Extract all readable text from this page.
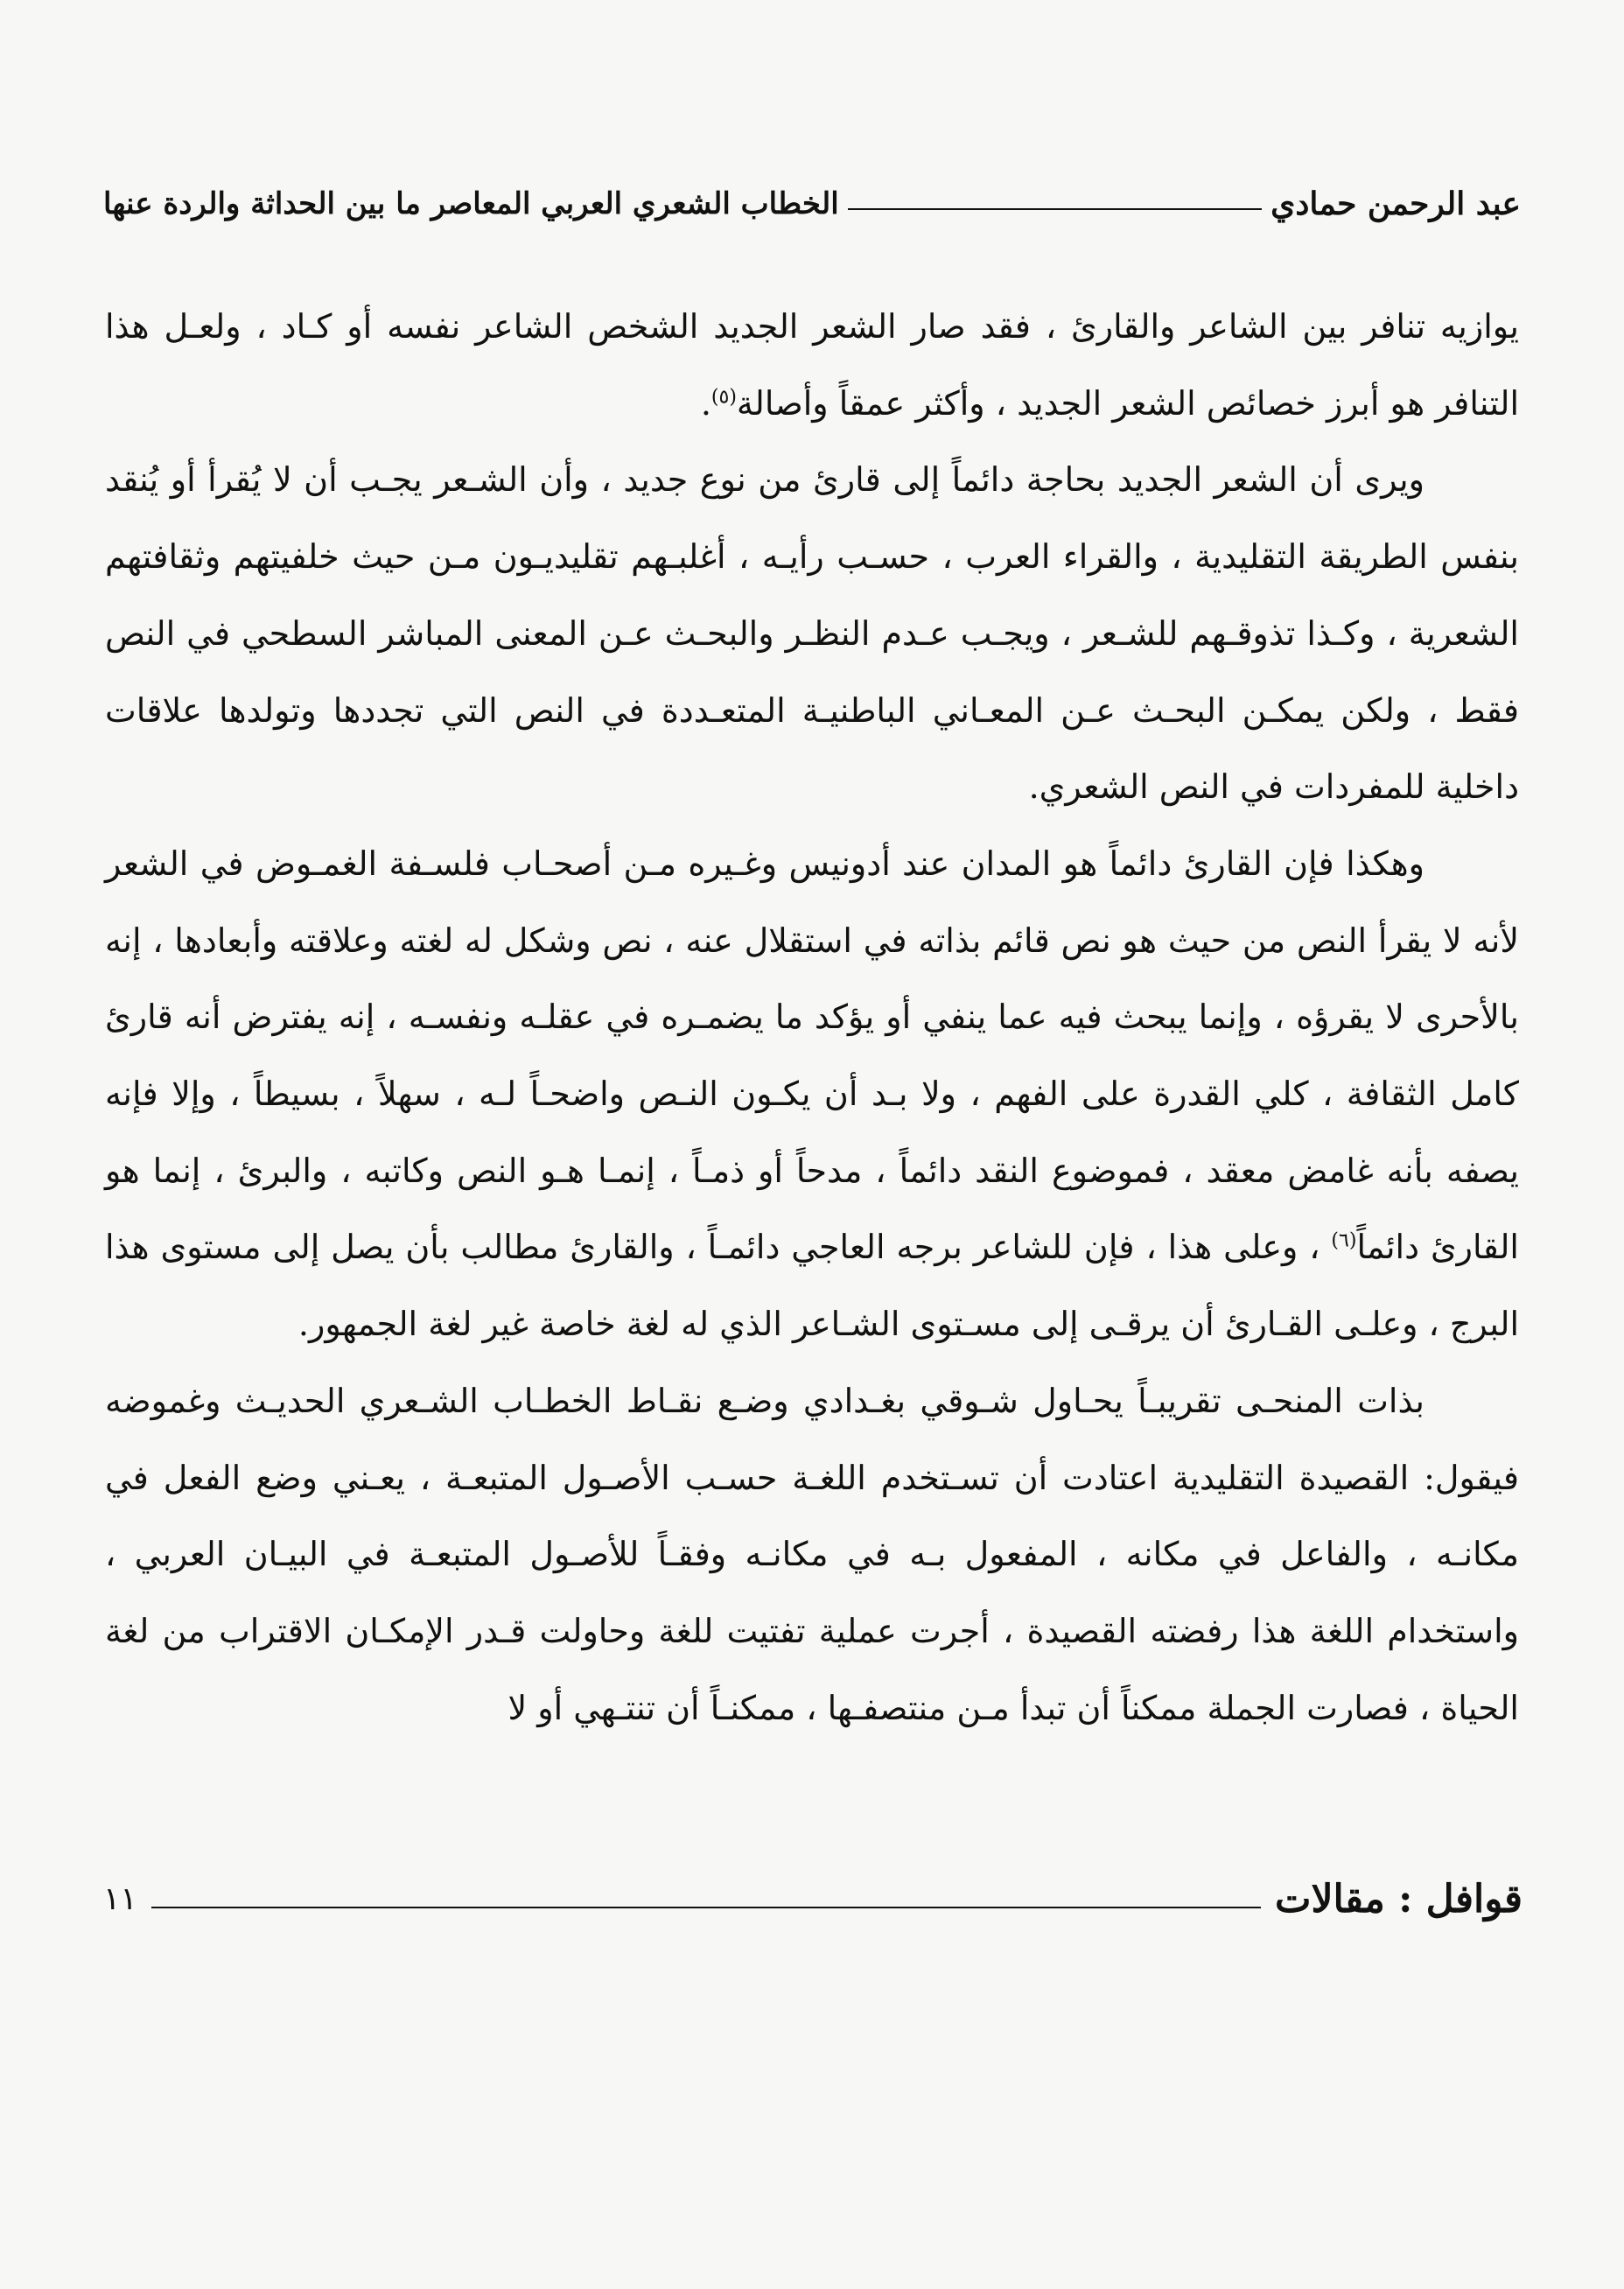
الخطاب الشعري العربي المعاصر ما بين الحداثة والردة عنها	عبد الرحمن حمادي

يوازيه تنافر بين الشاعر والقارئ ، فقد صار الشعر الجديد الشخص الشاعر نفسه أو كـاد ، ولعـل هذا التنافر هو أبرز خصائص الشعر الجديد ، وأكثر عمقاً وأصالة$^{(٥)}$.

ويرى أن الشعر الجديد بحاجة دائماً إلى قارئ من نوع جديد ، وأن الشـعر يجـب أن لا يُقرأ أو يُنقد بنفس الطريقة التقليدية ، والقراء العرب ، حسـب رأيـه ، أغلبـهم تقليديـون مـن حيث خلفيتهم وثقافتهم الشعرية ، وكـذا تذوقـهم للشـعر ، ويجـب عـدم النظـر والبحـث عـن المعنى المباشر السطحي في النص فقط ، ولكن يمكـن البحـث عـن المعـاني الباطنيـة المتعـددة في النص التي تجددها وتولدها علاقات داخلية للمفردات في النص الشعري.

وهكذا فإن القارئ دائماً هو المدان عند أدونيس وغـيره مـن أصحـاب فلسـفة الغمـوض في الشعر لأنه لا يقرأ النص من حيث هو نص قائم بذاته في استقلال عنه ، نص وشكل له لغته وعلاقته وأبعادها ، إنه بالأحرى لا يقرؤه ، وإنما يبحث فيه عما ينفي أو يؤكد ما يضمـره في عقلـه ونفسـه ، إنه يفترض أنه قارئ كامل الثقافة ، كلي القدرة على الفهم ، ولا بـد أن يكـون النـص واضحـاً لـه ، سهلاً ، بسيطاً ، وإلا فإنه يصفه بأنه غامض معقد ، فموضوع النقد دائماً ، مدحاً أو ذمـاً ، إنمـا هـو النص وكاتبه ، والبرئ ، إنما هو القارئ دائماً$^{(٦)}$ ، وعلى هذا ، فإن للشاعر برجه العاجي دائمـاً ، والقارئ مطالب بأن يصل إلى مستوى هذا البرج ، وعلـى القـارئ أن يرقـى إلى مسـتوى الشـاعر الذي له لغة خاصة غير لغة الجمهور.

بذات المنحـى تقريبـاً يحـاول شـوقي بغـدادي وضـع نقـاط الخطـاب الشـعري الحديـث وغموضه فيقول: القصيدة التقليدية اعتادت أن تسـتخدم اللغـة حسـب الأصـول المتبعـة ، يعـني وضع الفعل في مكانـه ، والفاعل في مكانه ، المفعول بـه في مكانـه وفقـاً للأصـول المتبعـة في البيـان العربي ، واستخدام اللغة هذا رفضته القصيدة ، أجرت عملية تفتيت للغة وحاولت قـدر الإمكـان الاقتراب من لغة الحياة ، فصارت الجملة ممكناً أن تبدأ مـن منتصفـها ، ممكنـاً أن تنتـهي أو لا

قوافل : مقالات
١١
